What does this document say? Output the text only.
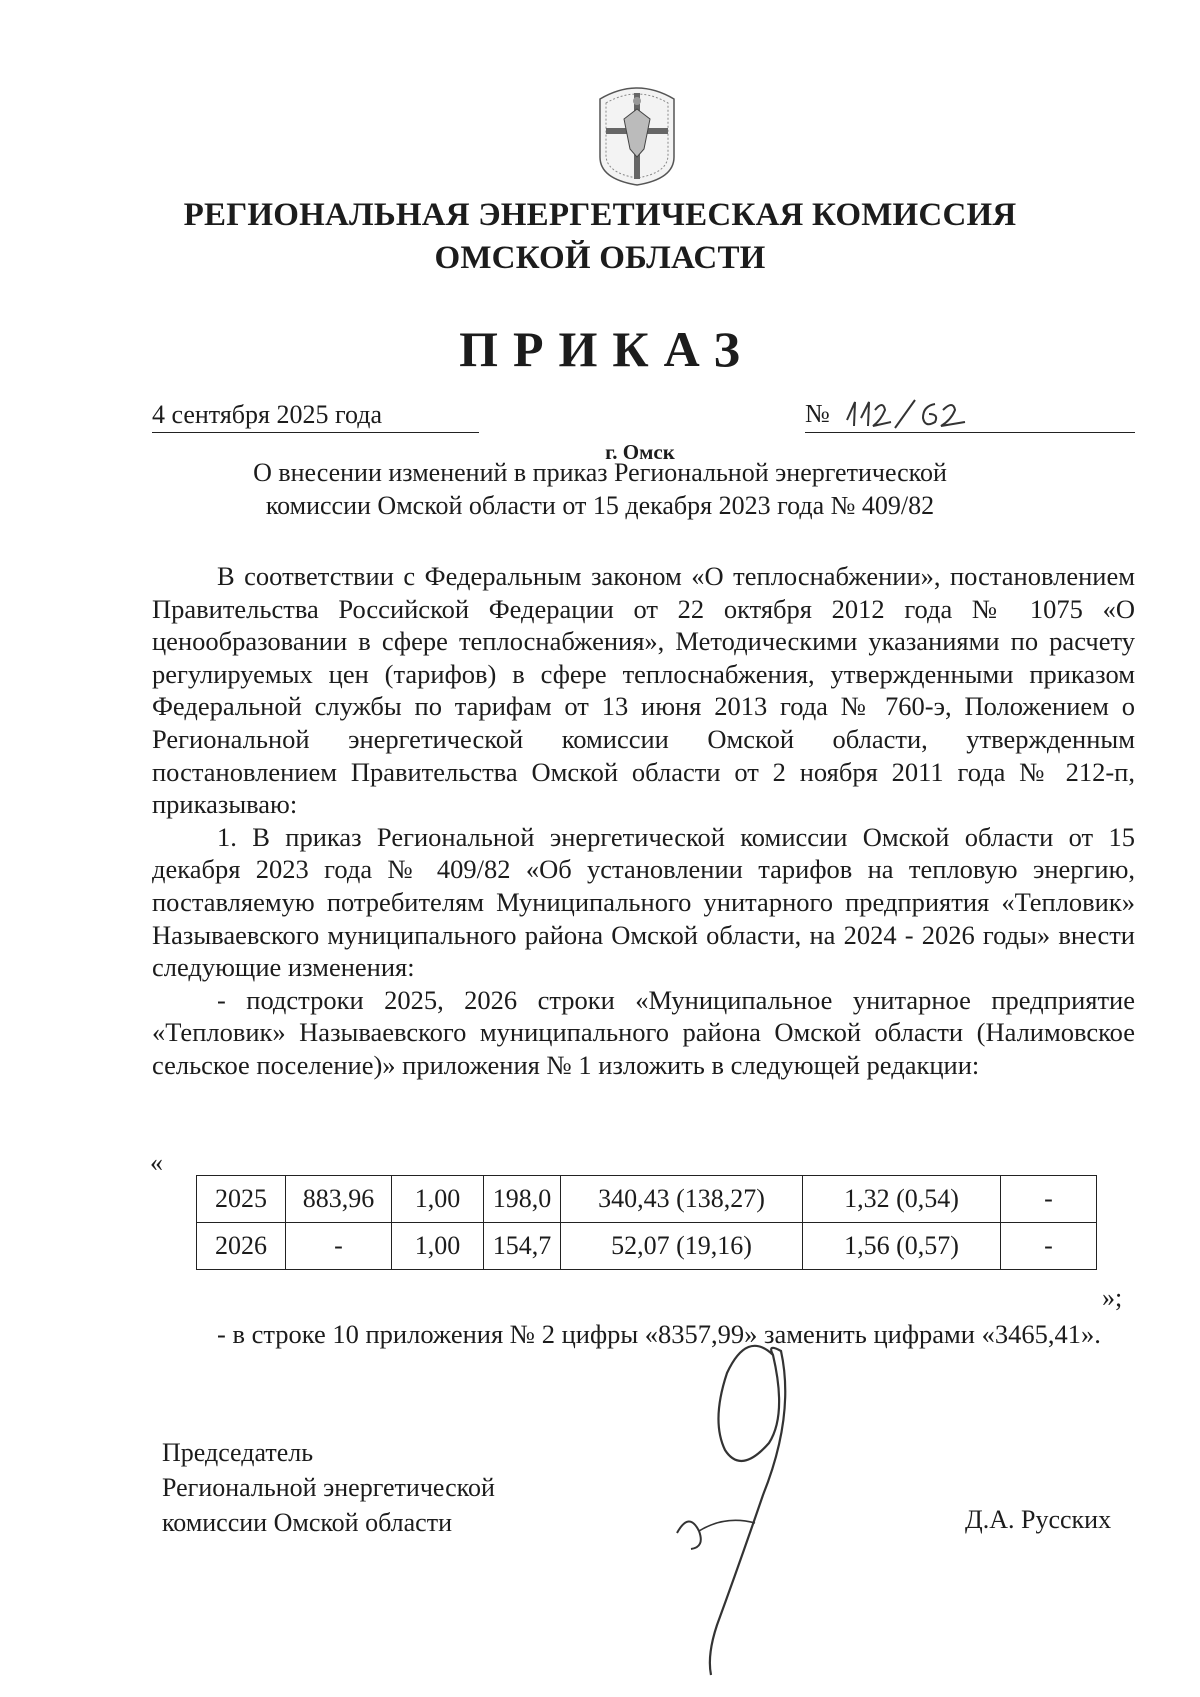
РЕГИОНАЛЬНАЯ ЭНЕРГЕТИЧЕСКАЯ КОМИССИЯ
ОМСКОЙ ОБЛАСТИ
ПРИКАЗ
4 сентября 2025 года	№
г. Омск
О внесении изменений в приказ Региональной энергетической
комиссии Омской области от 15 декабря 2023 года № 409/82

В соответствии с Федеральным законом «О теплоснабжении», постановлением Правительства Российской Федерации от 22 октября 2012 года № 1075 «О ценообразовании в сфере теплоснабжения», Методическими указаниями по расчету регулируемых цен (тарифов) в сфере теплоснабжения, утвержденными приказом Федеральной службы по тарифам от 13 июня 2013 года № 760-э, Положением о Региональной энергетической комиссии Омской области, утвержденным постановлением Правительства Омской области от 2 ноября 2011 года № 212-п, приказываю:

1. В приказ Региональной энергетической комиссии Омской области от 15 декабря 2023 года № 409/82 «Об установлении тарифов на тепловую энергию, поставляемую потребителям Муниципального унитарного предприятия «Тепловик» Называевского муниципального района Омской области, на 2024 - 2026 годы» внести следующие изменения:

- подстроки 2025, 2026 строки «Муниципальное унитарное предприятие «Тепловик» Называевского муниципального района Омской области (Налимовское сельское поселение)» приложения № 1 изложить в следующей редакции:

«
2025	883,96	1,00	198,0	340,43 (138,27)	1,32 (0,54)	-
2026	-	1,00	154,7	52,07 (19,16)	1,56 (0,57)	-
»;

- в строке 10 приложения № 2 цифры «8357,99» заменить цифрами «3465,41».

Председатель
Региональной энергетической
комиссии Омской области	Д.А. Русских
